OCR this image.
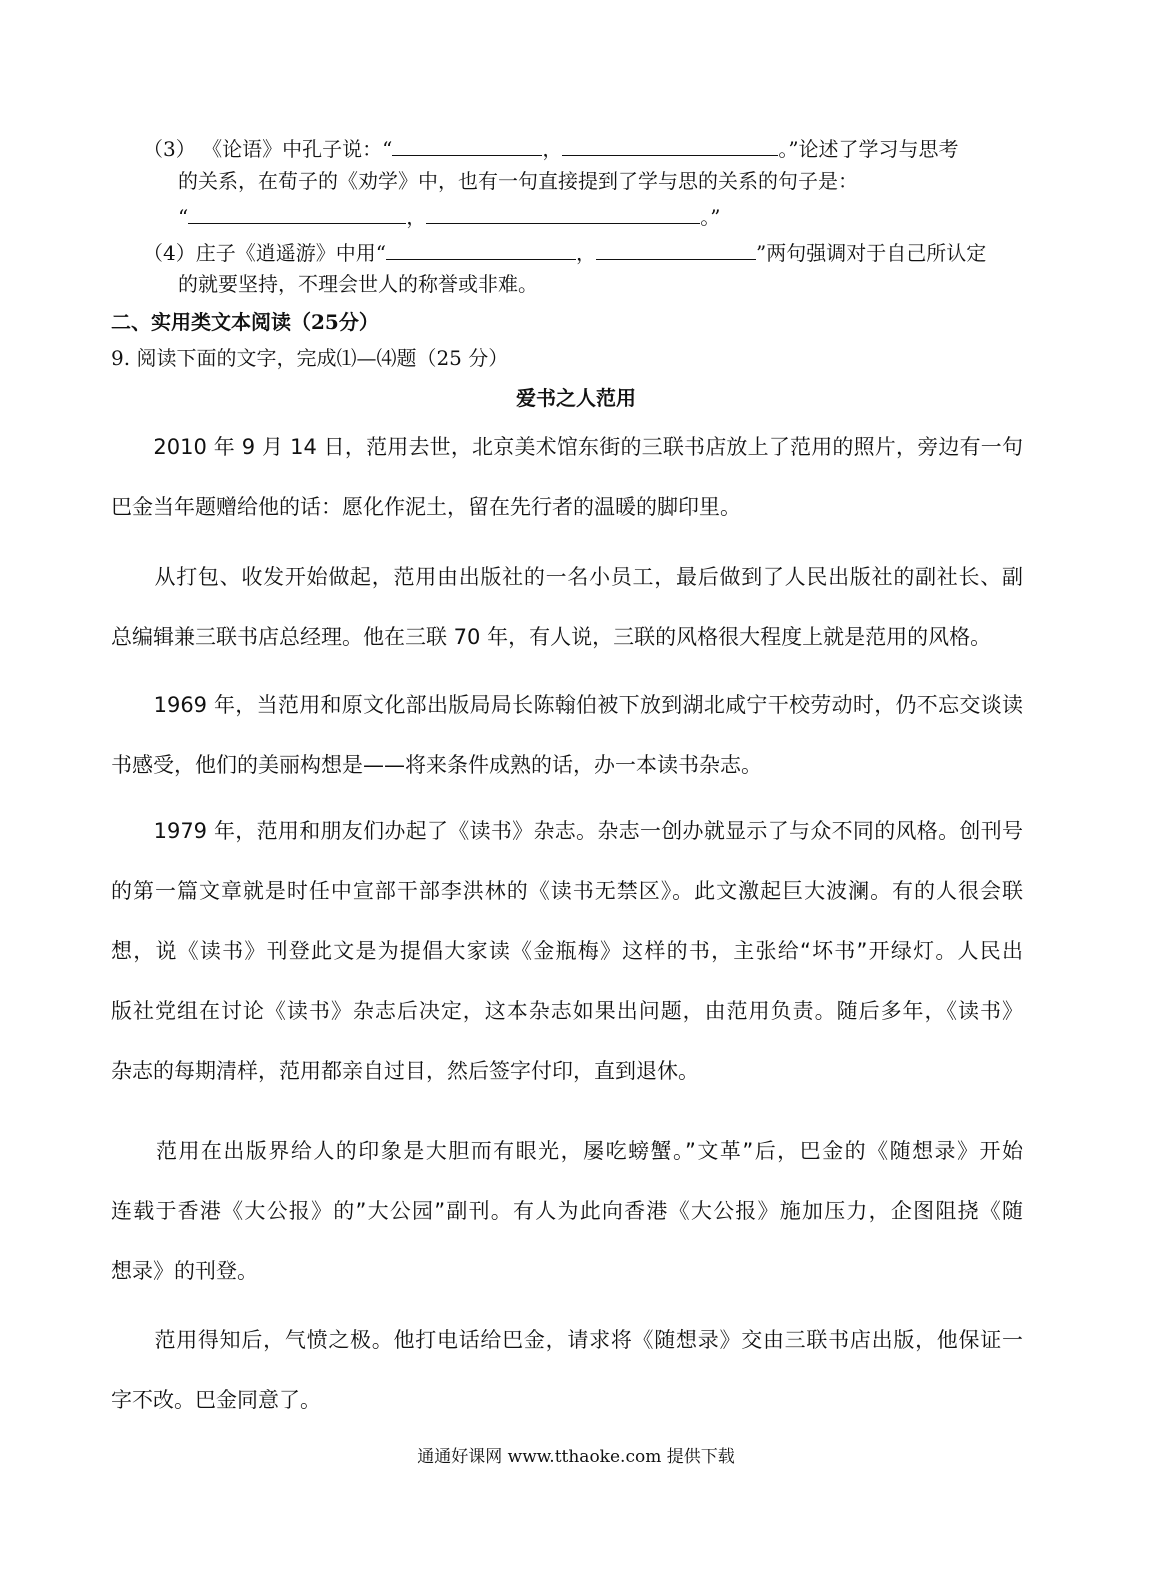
（3） 《论语》中孔子说：“	，	。”论述了学习与思考
的关系，在荀子的《劝学》中，也有一句直接提到了学与思的关系的句子是：
“	，	。”
（4）庄子《逍遥游》中用“	，	”两句强调对于自己所认定
的就要坚持，不理会世人的称誉或非难。
二、实用类文本阅读（25分）
9. 阅读下面的文字，完成⑴—⑷题（25 分）
爱书之人范用
　　2010 年 9 月 14 日，范用去世，北京美术馆东街的三联书店放上了范用的照片，旁边有一句
巴金当年题赠给他的话：愿化作泥土，留在先行者的温暖的脚印里。
　　从打包、收发开始做起，范用由出版社的一名小员工，最后做到了人民出版社的副社长、副
总编辑兼三联书店总经理。他在三联 70 年，有人说，三联的风格很大程度上就是范用的风格。
　　1969 年，当范用和原文化部出版局局长陈翰伯被下放到湖北咸宁干校劳动时，仍不忘交谈读
书感受，他们的美丽构想是——将来条件成熟的话，办一本读书杂志。
　　1979 年，范用和朋友们办起了《读书》杂志。杂志一创办就显示了与众不同的风格。创刊号
的第一篇文章就是时任中宣部干部李洪林的《读书无禁区》。此文激起巨大波澜。有的人很会联
想，说《读书》刊登此文是为提倡大家读《金瓶梅》这样的书，主张给“坏书”开绿灯。人民出
版社党组在讨论《读书》杂志后决定，这本杂志如果出问题，由范用负责。随后多年，《读书》
杂志的每期清样，范用都亲自过目，然后签字付印，直到退休。
　　范用在出版界给人的印象是大胆而有眼光，屡吃螃蟹。”文革”后，巴金的《随想录》开始
连载于香港《大公报》的”大公园”副刊。有人为此向香港《大公报》施加压力，企图阻挠《随
想录》的刊登。
　　范用得知后，气愤之极。他打电话给巴金，请求将《随想录》交由三联书店出版，他保证一
字不改。巴金同意了。
通通好课网 www.tthaoke.com 提供下载
